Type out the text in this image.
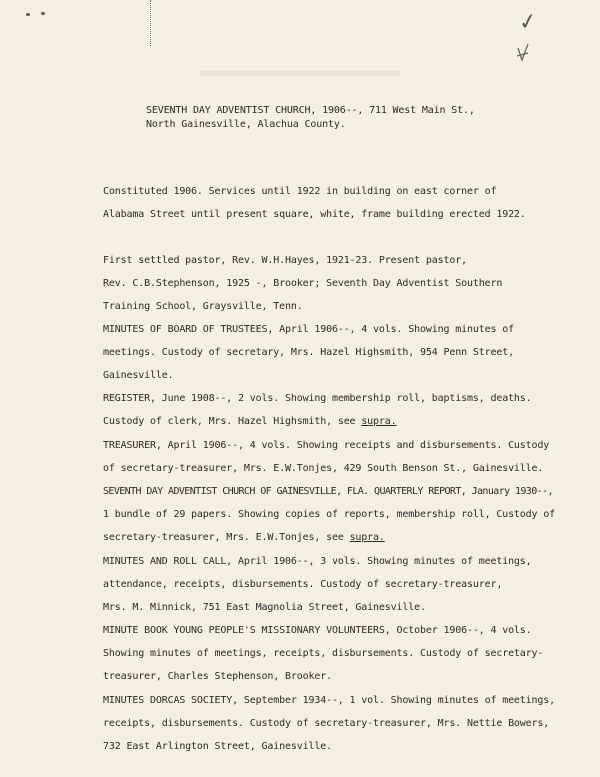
✓

SEVENTH DAY ADVENTIST CHURCH, 1906--, 711 West Main St.,

North Gainesville, Alachua County.

Constituted 1906. Services until 1922 in building on east corner of

Alabama Street until present square, white, frame building erected 1922.

First settled pastor, Rev. W.H.Hayes, 1921-23. Present pastor,

Rev. C.B.Stephenson, 1925 -, Brooker; Seventh Day Adventist Southern

Training School, Graysville, Tenn.

MINUTES OF BOARD OF TRUSTEES, April 1906--, 4 vols. Showing minutes of

meetings. Custody of secretary, Mrs. Hazel Highsmith, 954 Penn Street,

Gainesville.

REGISTER, June 1908--, 2 vols. Showing membership roll, baptisms, deaths.

Custody of clerk, Mrs. Hazel Highsmith, see supra.

TREASURER, April 1906--, 4 vols. Showing receipts and disbursements. Custody

of secretary-treasurer, Mrs. E.W.Tonjes, 429 South Benson St., Gainesville.

SEVENTH DAY ADVENTIST CHURCH OF GAINESVILLE, FLA. QUARTERLY REPORT, January 1930--,

1 bundle of 29 papers. Showing copies of reports, membership roll, Custody of

secretary-treasurer, Mrs. E.W.Tonjes, see supra.

MINUTES AND ROLL CALL, April 1906--, 3 vols. Showing minutes of meetings,

attendance, receipts, disbursements. Custody of secretary-treasurer,

Mrs. M. Minnick, 751 East Magnolia Street, Gainesville.

MINUTE BOOK YOUNG PEOPLE'S MISSIONARY VOLUNTEERS, October 1906--, 4 vols.

Showing minutes of meetings, receipts, disbursements. Custody of secretary-

treasurer, Charles Stephenson, Brooker.

MINUTES DORCAS SOCIETY, September 1934--, 1 vol. Showing minutes of meetings,

receipts, disbursements. Custody of secretary-treasurer, Mrs. Nettie Bowers,

732 East Arlington Street, Gainesville.
